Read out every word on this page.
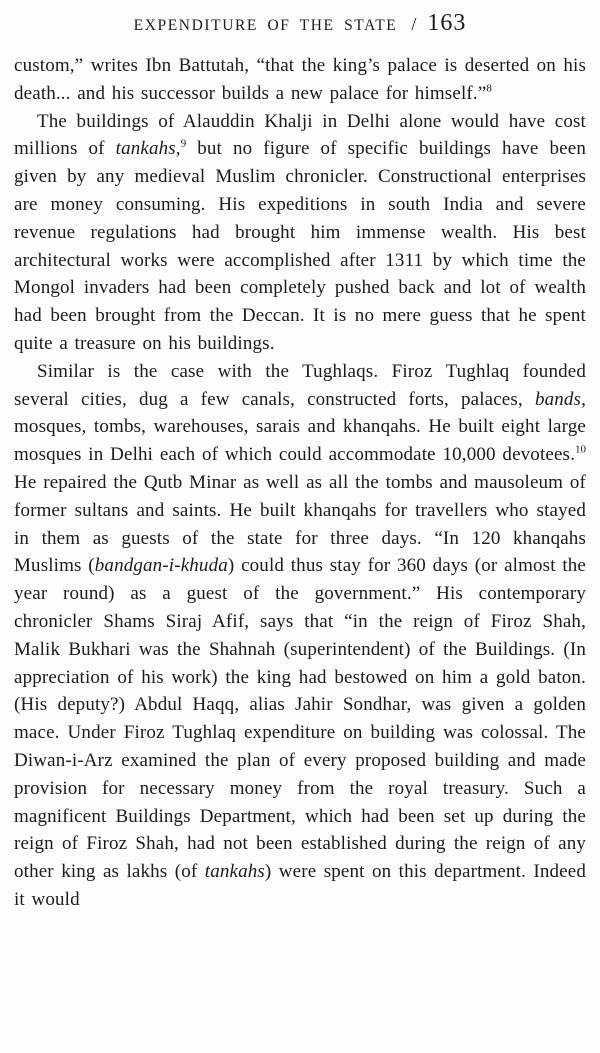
EXPENDITURE OF THE STATE / 163

custom,” writes Ibn Battutah, “that the king’s palace is deserted on his death... and his successor builds a new palace for himself.”$^8$

The buildings of Alauddin Khalji in Delhi alone would have cost millions of tankahs,$^9$ but no figure of specific buildings have been given by any medieval Muslim chronicler. Constructional enterprises are money consuming. His expeditions in south India and severe revenue regulations had brought him immense wealth. His best architectural works were accomplished after 1311 by which time the Mongol invaders had been completely pushed back and lot of wealth had been brought from the Deccan. It is no mere guess that he spent quite a treasure on his buildings.

Similar is the case with the Tughlaqs. Firoz Tughlaq founded several cities, dug a few canals, constructed forts, palaces, bands, mosques, tombs, warehouses, sarais and khanqahs. He built eight large mosques in Delhi each of which could accommodate 10,000 devotees.$^{10}$ He repaired the Qutb Minar as well as all the tombs and mausoleum of former sultans and saints. He built khanqahs for travellers who stayed in them as guests of the state for three days. “In 120 khanqahs Muslims (bandgan-i-khuda) could thus stay for 360 days (or almost the year round) as a guest of the government.” His contemporary chronicler Shams Siraj Afif, says that “in the reign of Firoz Shah, Malik Bukhari was the Shahnah (superintendent) of the Buildings. (In appreciation of his work) the king had bestowed on him a gold baton. (His deputy?) Abdul Haqq, alias Jahir Sondhar, was given a golden mace. Under Firoz Tughlaq expenditure on building was colossal. The Diwan-i-Arz examined the plan of every proposed building and made provision for necessary money from the royal treasury. Such a magnificent Buildings Department, which had been set up during the reign of Firoz Shah, had not been established during the reign of any other king as lakhs (of tankahs) were spent on this department. Indeed it would
